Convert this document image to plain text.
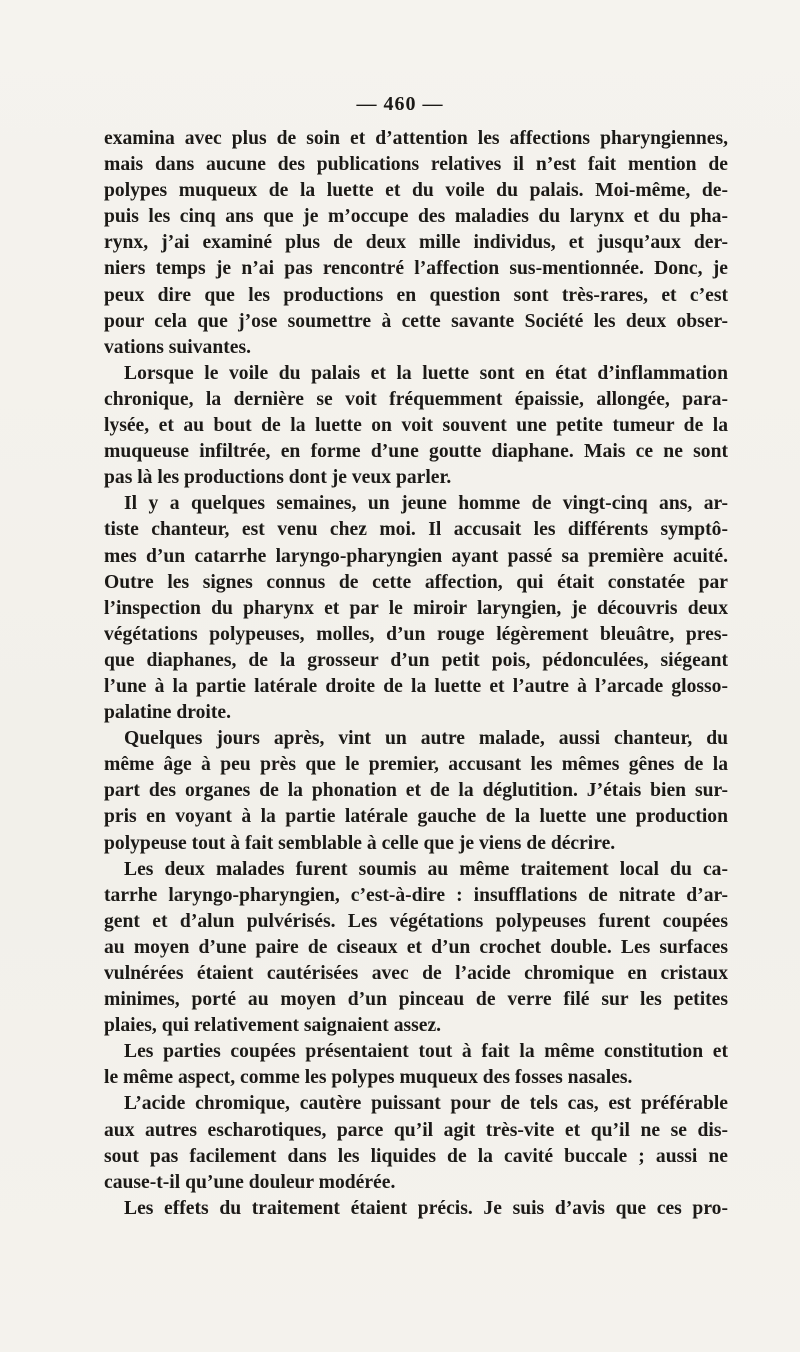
— 460 —
examina avec plus de soin et d’attention les affections pharyngiennes,
mais dans aucune des publications relatives il n’est fait mention de
polypes muqueux de la luette et du voile du palais. Moi-même, de-
puis les cinq ans que je m’occupe des maladies du larynx et du pha-
rynx, j’ai examiné plus de deux mille individus, et jusqu’aux der-
niers temps je n’ai pas rencontré l’affection sus-mentionnée. Donc, je
peux dire que les productions en question sont très-rares, et c’est
pour cela que j’ose soumettre à cette savante Société les deux obser-
vations suivantes.
Lorsque le voile du palais et la luette sont en état d’inflammation
chronique, la dernière se voit fréquemment épaissie, allongée, para-
lysée, et au bout de la luette on voit souvent une petite tumeur de la
muqueuse infiltrée, en forme d’une goutte diaphane. Mais ce ne sont
pas là les productions dont je veux parler.
Il y a quelques semaines, un jeune homme de vingt-cinq ans, ar-
tiste chanteur, est venu chez moi. Il accusait les différents symptô-
mes d’un catarrhe laryngo-pharyngien ayant passé sa première acuité.
Outre les signes connus de cette affection, qui était constatée par
l’inspection du pharynx et par le miroir laryngien, je découvris deux
végétations polypeuses, molles, d’un rouge légèrement bleuâtre, pres-
que diaphanes, de la grosseur d’un petit pois, pédonculées, siégeant
l’une à la partie latérale droite de la luette et l’autre à l’arcade glosso-
palatine droite.
Quelques jours après, vint un autre malade, aussi chanteur, du
même âge à peu près que le premier, accusant les mêmes gênes de la
part des organes de la phonation et de la déglutition. J’étais bien sur-
pris en voyant à la partie latérale gauche de la luette une production
polypeuse tout à fait semblable à celle que je viens de décrire.
Les deux malades furent soumis au même traitement local du ca-
tarrhe laryngo-pharyngien, c’est-à-dire : insufflations de nitrate d’ar-
gent et d’alun pulvérisés. Les végétations polypeuses furent coupées
au moyen d’une paire de ciseaux et d’un crochet double. Les surfaces
vulnérées étaient cautérisées avec de l’acide chromique en cristaux
minimes, porté au moyen d’un pinceau de verre filé sur les petites
plaies, qui relativement saignaient assez.
Les parties coupées présentaient tout à fait la même constitution et
le même aspect, comme les polypes muqueux des fosses nasales.
L’acide chromique, cautère puissant pour de tels cas, est préférable
aux autres escharotiques, parce qu’il agit très-vite et qu’il ne se dis-
sout pas facilement dans les liquides de la cavité buccale ; aussi ne
cause-t-il qu’une douleur modérée.
Les effets du traitement étaient précis. Je suis d’avis que ces pro-
